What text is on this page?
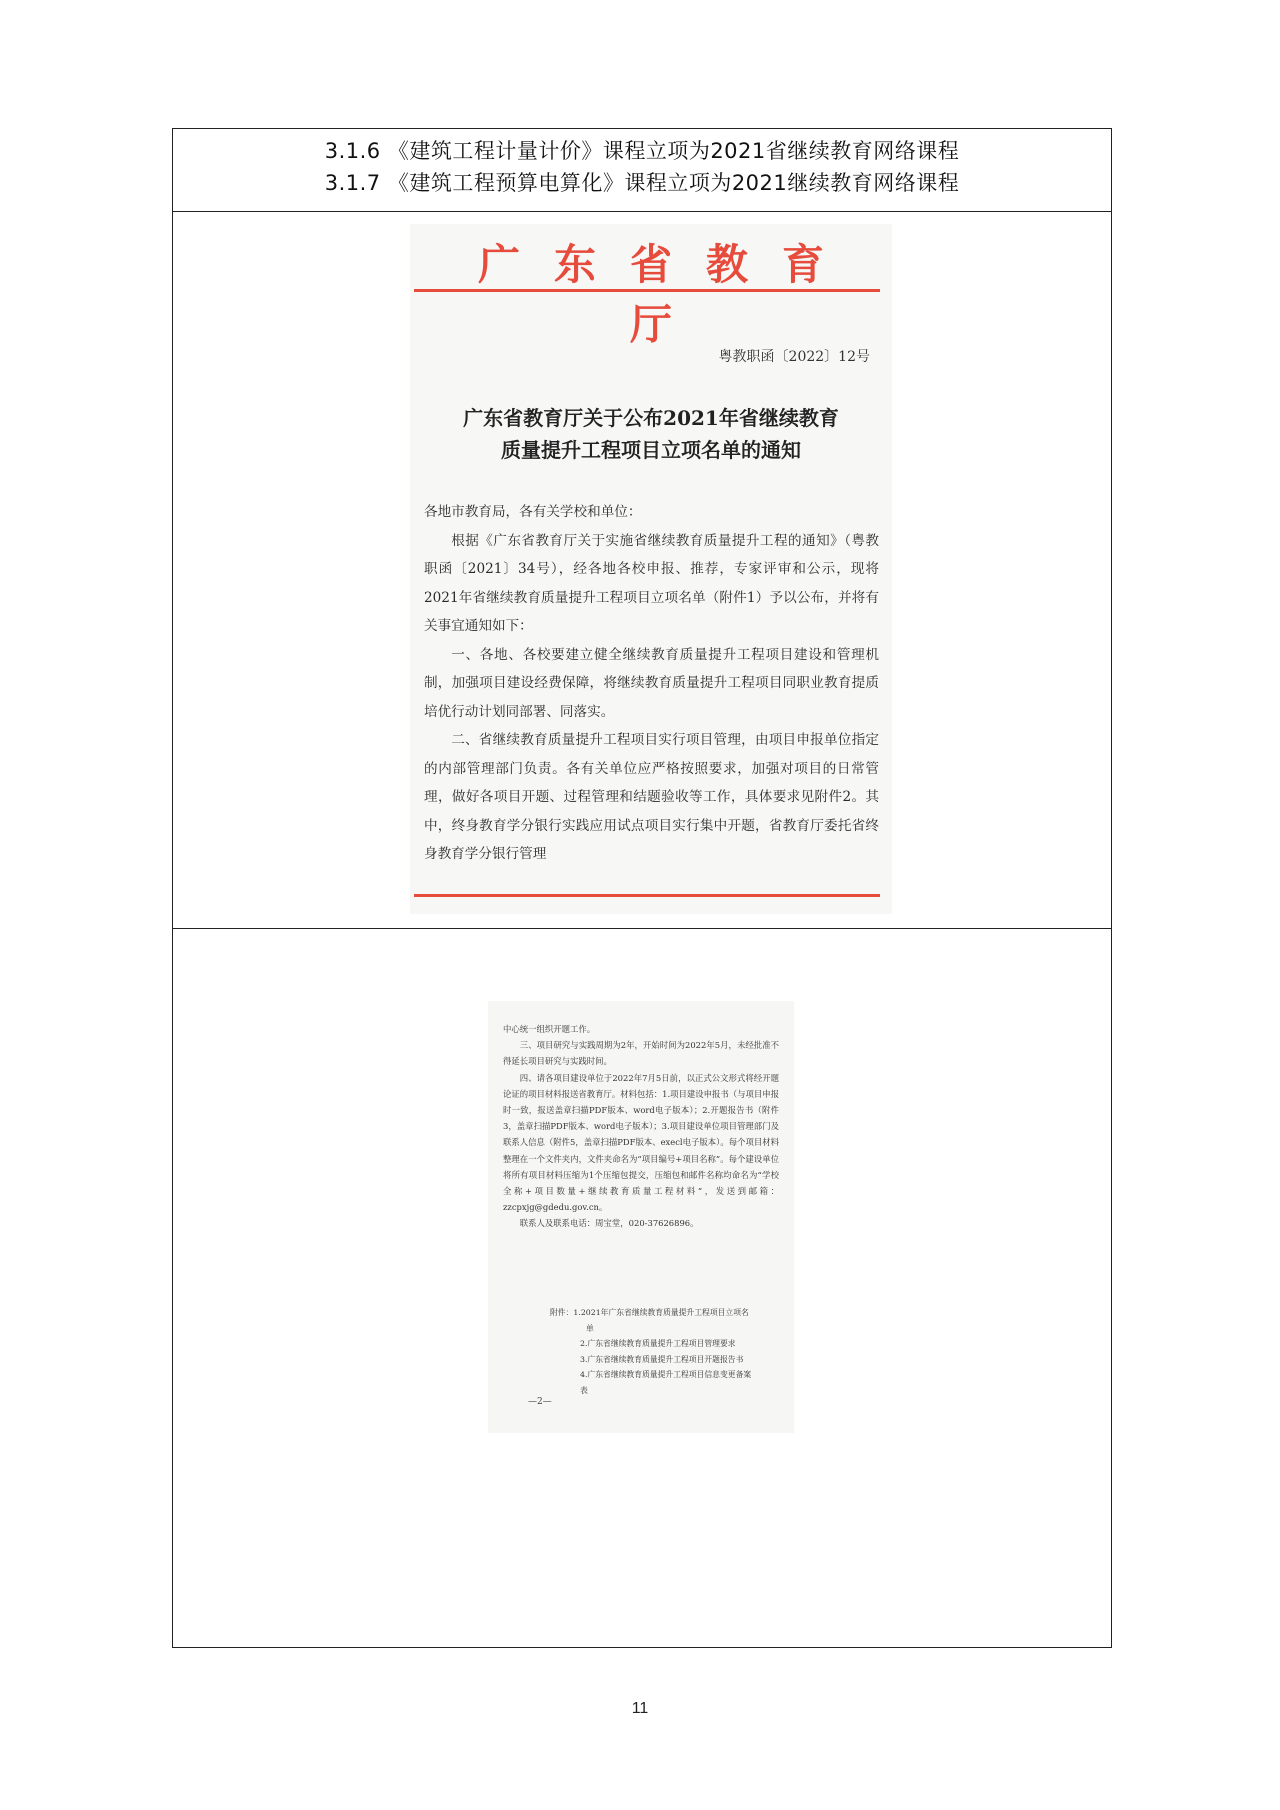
3.1.6 《建筑工程计量计价》课程立项为2021省继续教育网络课程
3.1.7 《建筑工程预算电算化》课程立项为2021继续教育网络课程
广东省教育厅
粤教职函〔2022〕12号
广东省教育厅关于公布2021年省继续教育
质量提升工程项目立项名单的通知

各地市教育局，各有关学校和单位：

根据《广东省教育厅关于实施省继续教育质量提升工程的通知》（粤教职函〔2021〕34号），经各地各校申报、推荐，专家评审和公示，现将2021年省继续教育质量提升工程项目立项名单（附件1）予以公布，并将有关事宜通知如下：

一、各地、各校要建立健全继续教育质量提升工程项目建设和管理机制，加强项目建设经费保障，将继续教育质量提升工程项目同职业教育提质培优行动计划同部署、同落实。

二、省继续教育质量提升工程项目实行项目管理，由项目申报单位指定的内部管理部门负责。各有关单位应严格按照要求，加强对项目的日常管理，做好各项目开题、过程管理和结题验收等工作，具体要求见附件2。其中，终身教育学分银行实践应用试点项目实行集中开题，省教育厅委托省终身教育学分银行管理

中心统一组织开题工作。

三、项目研究与实践周期为2年，开始时间为2022年5月，未经批准不得延长项目研究与实践时间。

四、请各项目建设单位于2022年7月5日前，以正式公文形式将经开题论证的项目材料报送省教育厅。材料包括：1.项目建设申报书（与项目申报时一致，报送盖章扫描PDF版本、word电子版本）；2.开题报告书（附件3，盖章扫描PDF版本、word电子版本）；3.项目建设单位项目管理部门及联系人信息（附件5，盖章扫描PDF版本、execl电子版本）。每个项目材料整理在一个文件夹内，文件夹命名为“项目编号+项目名称”。每个建设单位将所有项目材料压缩为1个压缩包提交，压缩包和邮件名称均命名为“学校全称+项目数量+继续教育质量工程材料”，发送到邮箱：zzcpxjg@gdedu.gov.cn。

联系人及联系电话：周宝堂，020-37626896。

附件：1.2021年广东省继续教育质量提升工程项目立项名

单

2.广东省继续教育质量提升工程项目管理要求

3.广东省继续教育质量提升工程项目开题报告书

4.广东省继续教育质量提升工程项目信息变更备案

表

—2—
11
